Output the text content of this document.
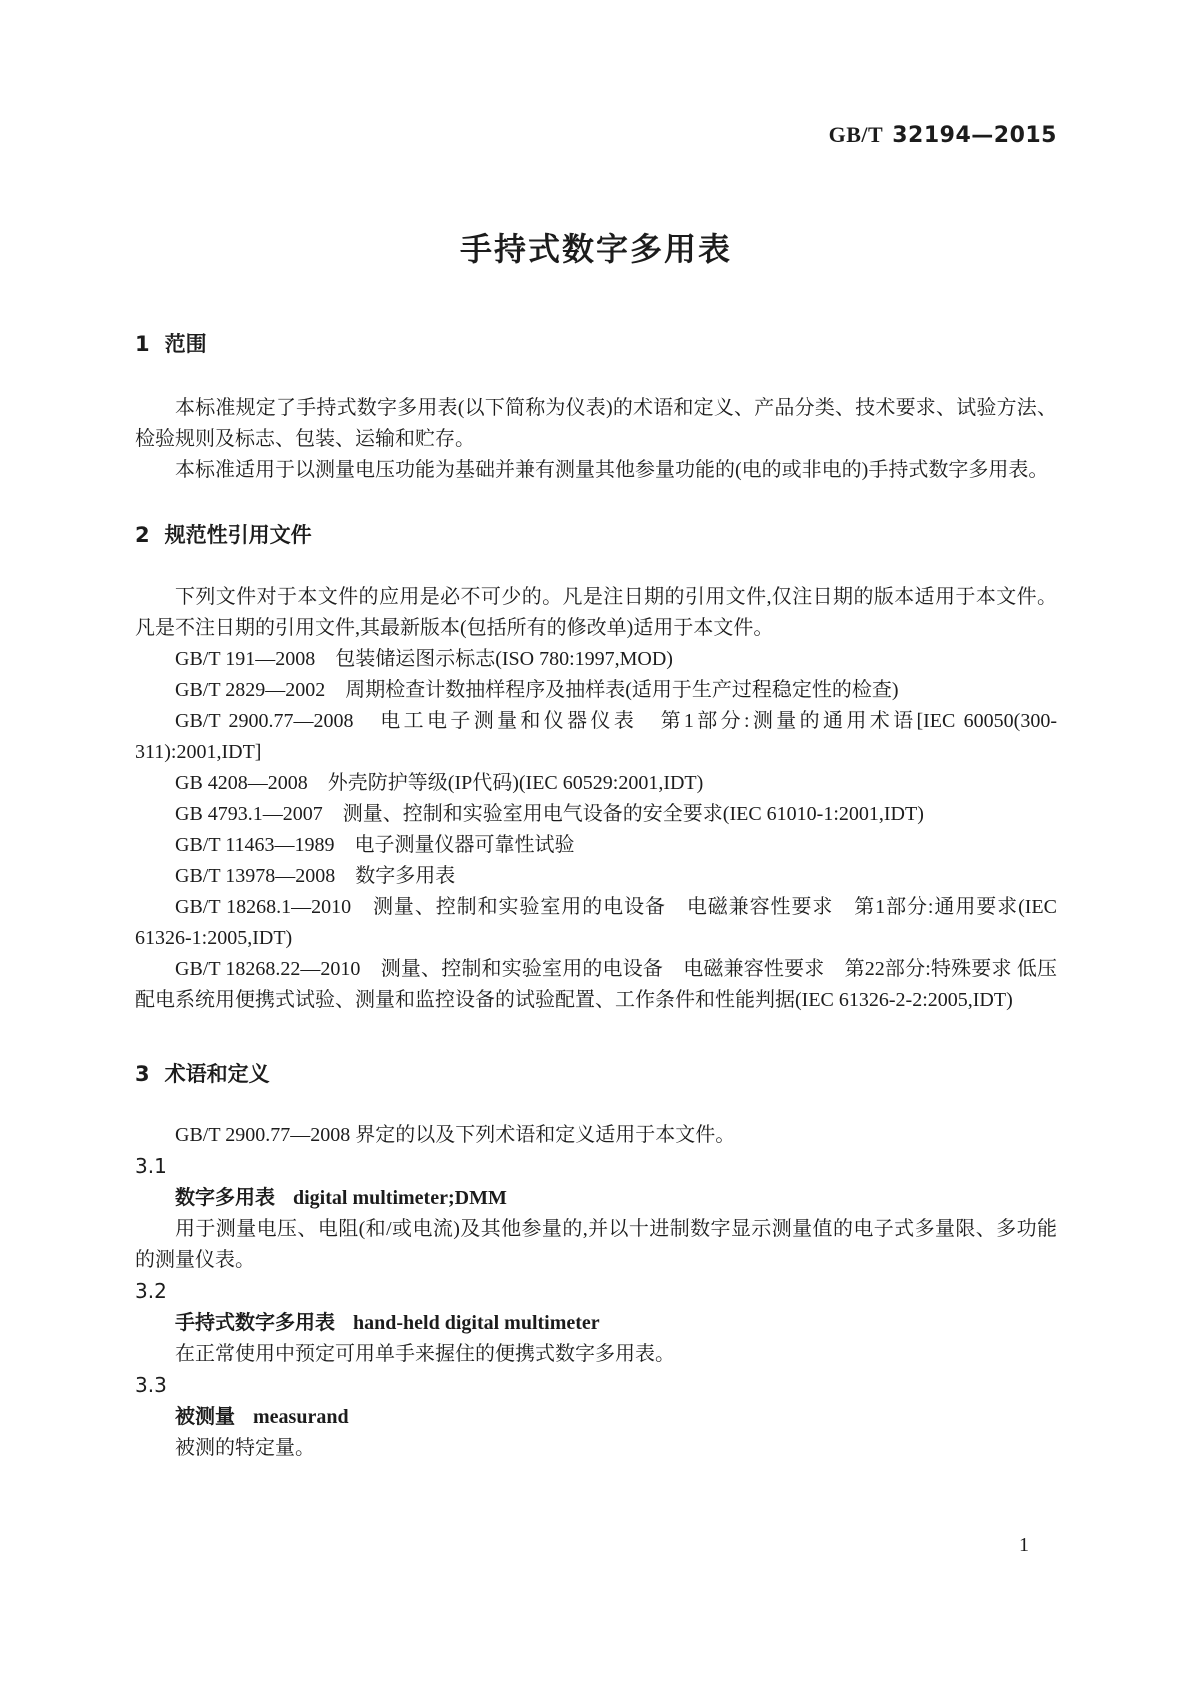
GB/T 32194—2015
手持式数字多用表
1 范围

本标准规定了手持式数字多用表(以下简称为仪表)的术语和定义、产品分类、技术要求、试验方法、检验规则及标志、包装、运输和贮存。

本标准适用于以测量电压功能为基础并兼有测量其他参量功能的(电的或非电的)手持式数字多用表。

2 规范性引用文件

下列文件对于本文件的应用是必不可少的。凡是注日期的引用文件,仅注日期的版本适用于本文件。凡是不注日期的引用文件,其最新版本(包括所有的修改单)适用于本文件。

GB/T 191—2008　包装储运图示标志(ISO 780:1997,MOD)

GB/T 2829—2002　周期检查计数抽样程序及抽样表(适用于生产过程稳定性的检查)

GB/T 2900.77—2008　电工电子测量和仪器仪表　第1部分:测量的通用术语[IEC 60050(300-311):2001,IDT]

GB 4208—2008　外壳防护等级(IP代码)(IEC 60529:2001,IDT)

GB 4793.1—2007　测量、控制和实验室用电气设备的安全要求(IEC 61010-1:2001,IDT)

GB/T 11463—1989　电子测量仪器可靠性试验

GB/T 13978—2008　数字多用表

GB/T 18268.1—2010　测量、控制和实验室用的电设备　电磁兼容性要求　第1部分:通用要求(IEC 61326-1:2005,IDT)

GB/T 18268.22—2010　测量、控制和实验室用的电设备　电磁兼容性要求　第22部分:特殊要求 低压配电系统用便携式试验、测量和监控设备的试验配置、工作条件和性能判据(IEC 61326-2-2:2005,IDT)

3 术语和定义

GB/T 2900.77—2008 界定的以及下列术语和定义适用于本文件。

3.1

数字多用表 digital multimeter;DMM

用于测量电压、电阻(和/或电流)及其他参量的,并以十进制数字显示测量值的电子式多量限、多功能的测量仪表。

3.2

手持式数字多用表 hand-held digital multimeter

在正常使用中预定可用单手来握住的便携式数字多用表。

3.3

被测量 measurand

被测的特定量。

1
